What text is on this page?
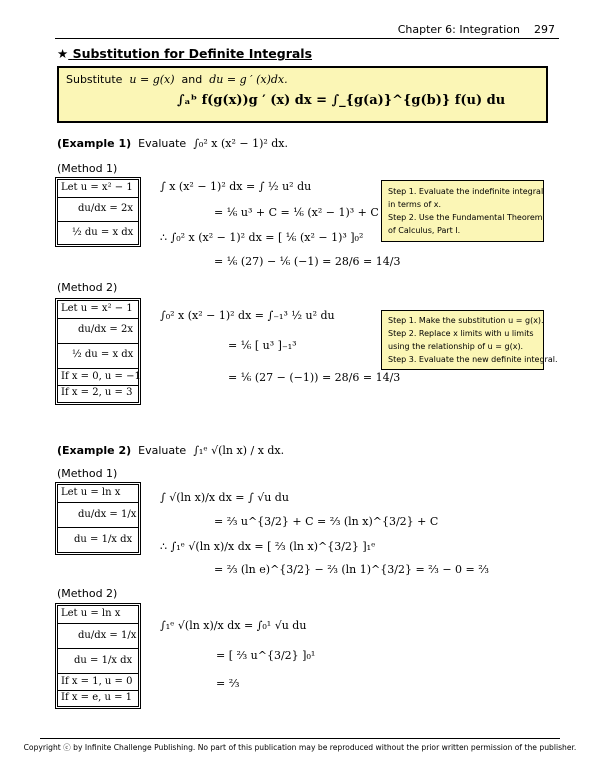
Chapter 6: Integration 297
★ Substitution for Definite Integrals
Substitute u = g(x) and du = g ′ (x)dx.
∫ₐᵇ f(g(x))g ′ (x) dx = ∫_{g(a)}^{g(b)} f(u) du
(Example 1) Evaluate ∫₀² x (x² − 1)² dx.
(Method 1)
Let u = x² − 1
du/dx = 2x
½ du = x dx
∫ x (x² − 1)² dx = ∫ ½ u² du
= ⅙ u³ + C = ⅙ (x² − 1)³ + C
∴ ∫₀² x (x² − 1)² dx = [ ⅙ (x² − 1)³ ]₀²
= ⅙ (27) − ⅙ (−1) = 28/6 = 14/3
Step 1. Evaluate the indefinite integral
in terms of x.
Step 2. Use the Fundamental Theorem
of Calculus, Part Ⅰ.
(Method 2)
Let u = x² − 1
du/dx = 2x
½ du = x dx
If x = 0, u = −1
If x = 2, u = 3
∫₀² x (x² − 1)² dx = ∫₋₁³ ½ u² du
= ⅙ [ u³ ]₋₁³
= ⅙ (27 − (−1)) = 28/6 = 14/3
Step 1. Make the substitution u = g(x).
Step 2. Replace x limits with u limits
using the relationship of u = g(x).
Step 3. Evaluate the new definite integral.
(Example 2) Evaluate ∫₁ᵉ √(ln x) / x dx.
(Method 1)
Let u = ln x
du/dx = 1/x
du = 1/x dx
∫ √(ln x)/x dx = ∫ √u du
= ⅔ u^{3/2} + C = ⅔ (ln x)^{3/2} + C
∴ ∫₁ᵉ √(ln x)/x dx = [ ⅔ (ln x)^{3/2} ]₁ᵉ
= ⅔ (ln e)^{3/2} − ⅔ (ln 1)^{3/2} = ⅔ − 0 = ⅔
(Method 2)
Let u = ln x
du/dx = 1/x
du = 1/x dx
If x = 1, u = 0
If x = e, u = 1
∫₁ᵉ √(ln x)/x dx = ∫₀¹ √u du
= [ ⅔ u^{3/2} ]₀¹
= ⅔
Copyright ⓒ by Infinite Challenge Publishing. No part of this publication may be reproduced without the prior written permission of the publisher.
